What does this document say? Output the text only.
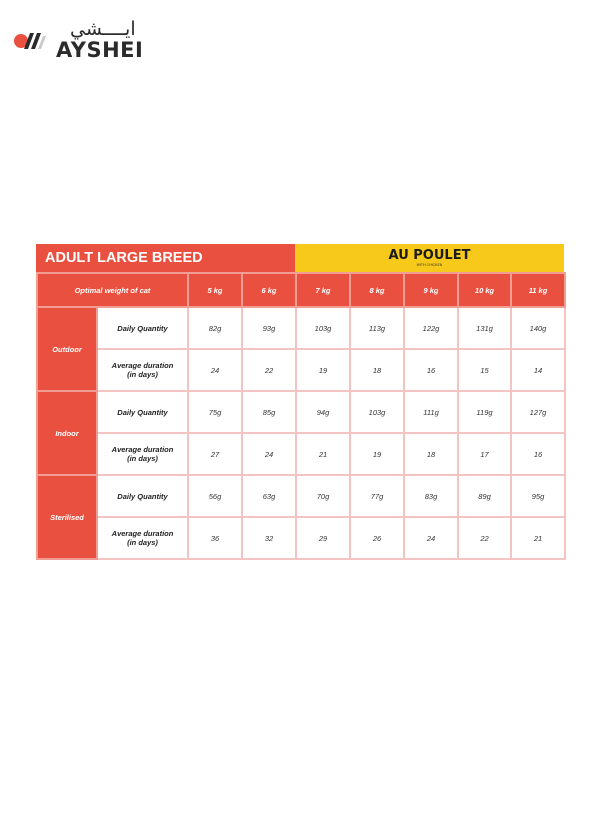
ايــــشي
AYSHEI
ADULT LARGE BREED	AU POULET
WITH CHICKEN
Optimal weight of cat		5 kg	6 kg	7 kg	8 kg	9 kg	10 kg	11 kg
Outdoor	Daily Quantity	82g	93g	103g	113g	122g	131g	140g
	Average duration
(in days)	24	22	19	18	16	15	14
Indoor	Daily Quantity	75g	85g	94g	103g	111g	119g	127g
	Average duration
(in days)	27	24	21	19	18	17	16
Sterilised	Daily Quantity	56g	63g	70g	77g	83g	89g	95g
	Average duration
(in days)	36	32	29	26	24	22	21
